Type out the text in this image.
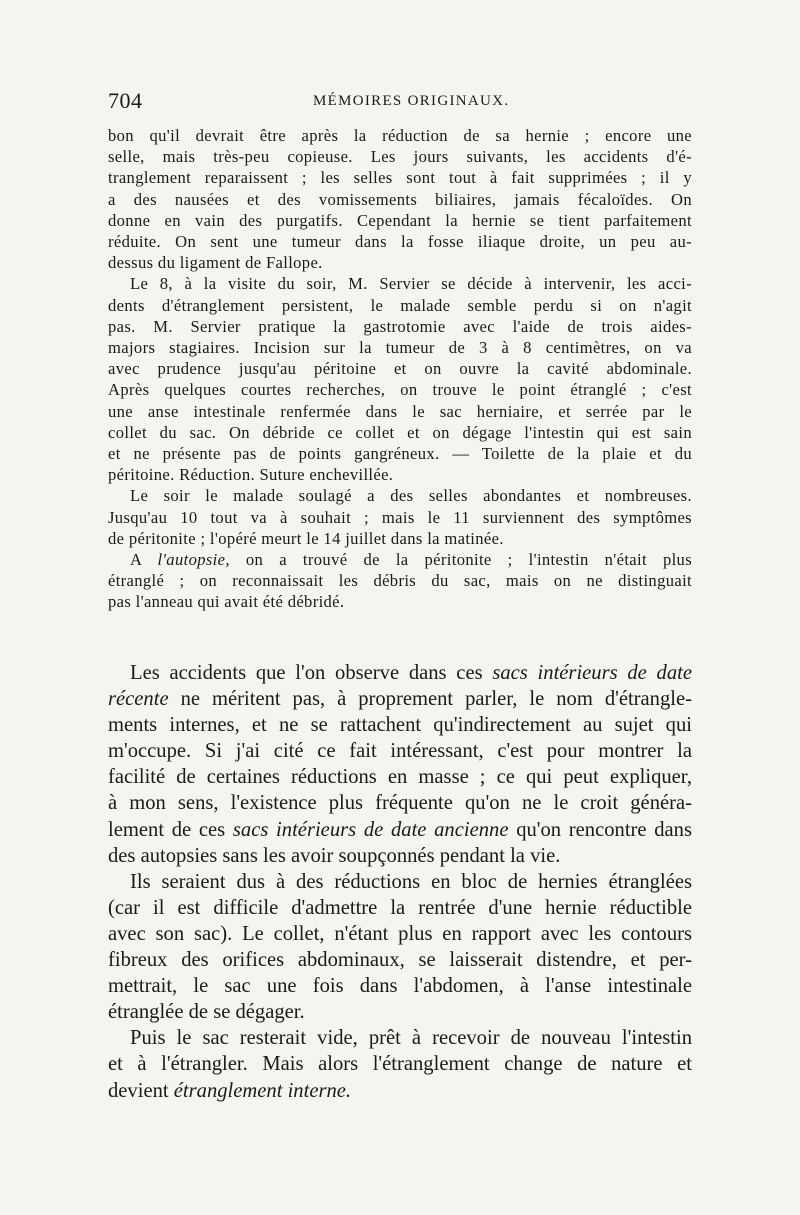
704	MÉMOIRES ORIGINAUX.

bon qu'il devrait être après la réduction de sa hernie ; encore une

selle, mais très-peu copieuse. Les jours suivants, les accidents d'é-

tranglement reparaissent ; les selles sont tout à fait supprimées ; il y

a des nausées et des vomissements biliaires, jamais fécaloïdes. On

donne en vain des purgatifs. Cependant la hernie se tient parfaitement

réduite. On sent une tumeur dans la fosse iliaque droite, un peu au-

dessus du ligament de Fallope.

Le 8, à la visite du soir, M. Servier se décide à intervenir, les acci-

dents d'étranglement persistent, le malade semble perdu si on n'agit

pas. M. Servier pratique la gastrotomie avec l'aide de trois aides-

majors stagiaires. Incision sur la tumeur de 3 à 8 centimètres, on va

avec prudence jusqu'au péritoine et on ouvre la cavité abdominale.

Après quelques courtes recherches, on trouve le point étranglé ; c'est

une anse intestinale renfermée dans le sac herniaire, et serrée par le

collet du sac. On débride ce collet et on dégage l'intestin qui est sain

et ne présente pas de points gangréneux. — Toilette de la plaie et du

péritoine. Réduction. Suture enchevillée.

Le soir le malade soulagé a des selles abondantes et nombreuses.

Jusqu'au 10 tout va à souhait ; mais le 11 surviennent des symptômes

de péritonite ; l'opéré meurt le 14 juillet dans la matinée.

A l'autopsie, on a trouvé de la péritonite ; l'intestin n'était plus

étranglé ; on reconnaissait les débris du sac, mais on ne distinguait

pas l'anneau qui avait été débridé.

Les accidents que l'on observe dans ces sacs intérieurs de date

récente ne méritent pas, à proprement parler, le nom d'étrangle-

ments internes, et ne se rattachent qu'indirectement au sujet qui

m'occupe. Si j'ai cité ce fait intéressant, c'est pour montrer la

facilité de certaines réductions en masse ; ce qui peut expliquer,

à mon sens, l'existence plus fréquente qu'on ne le croit généra-

lement de ces sacs intérieurs de date ancienne qu'on rencontre dans

des autopsies sans les avoir soupçonnés pendant la vie.

Ils seraient dus à des réductions en bloc de hernies étranglées

(car il est difficile d'admettre la rentrée d'une hernie réductible

avec son sac). Le collet, n'étant plus en rapport avec les contours

fibreux des orifices abdominaux, se laisserait distendre, et per-

mettrait, le sac une fois dans l'abdomen, à l'anse intestinale

étranglée de se dégager.

Puis le sac resterait vide, prêt à recevoir de nouveau l'intestin

et à l'étrangler. Mais alors l'étranglement change de nature et

devient étranglement interne.
